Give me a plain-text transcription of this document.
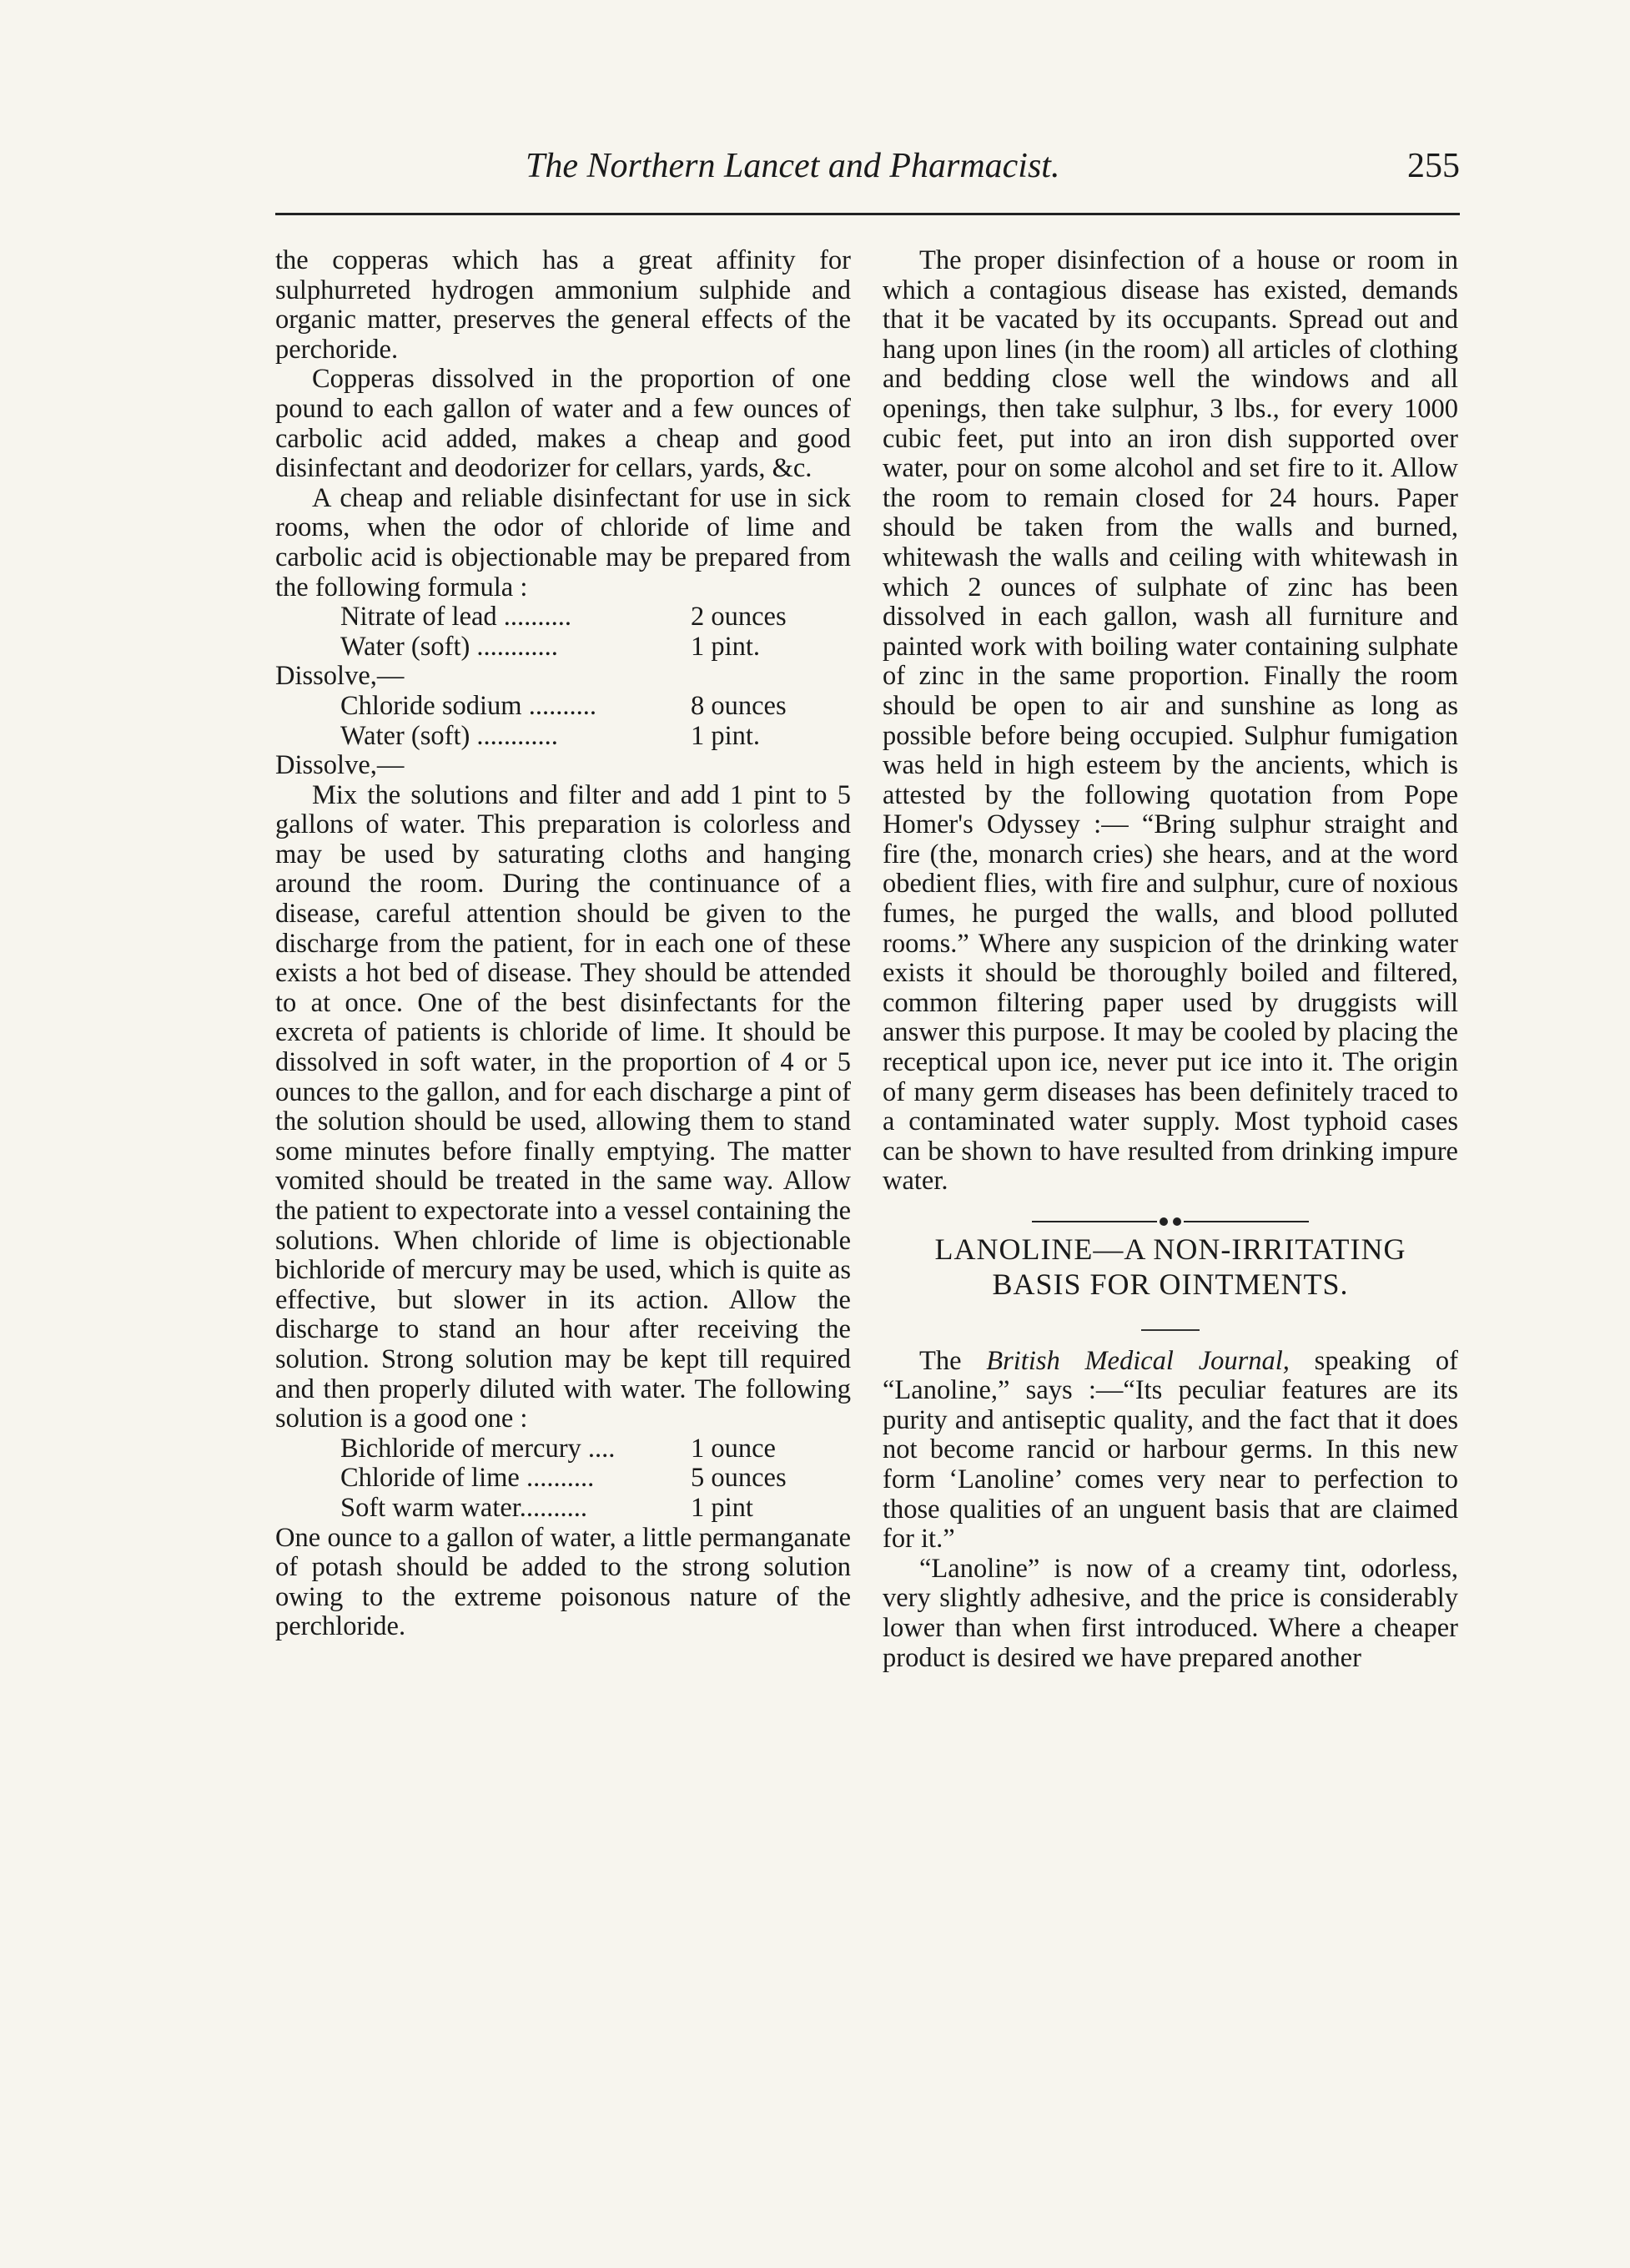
The Northern Lancet and Pharmacist.	255

the copperas which has a great affinity for sulphurreted hydrogen ammonium sulphide and organic matter, preserves the general effects of the perchoride.

Copperas dissolved in the proportion of one pound to each gallon of water and a few ounces of carbolic acid added, makes a cheap and good disinfectant and deodorizer for cellars, yards, &c.

A cheap and reliable disinfectant for use in sick rooms, when the odor of chloride of lime and carbolic acid is objectionable may be prepared from the following formula :

Nitrate of lead ..........	2 ounces

Water (soft) ............	1 pint.

Dissolve,—

Chloride sodium ..........	8 ounces

Water (soft) ............	1 pint.

Dissolve,—

Mix the solutions and filter and add 1 pint to 5 gallons of water. This preparation is colorless and may be used by saturating cloths and hanging around the room. During the continuance of a disease, careful attention should be given to the discharge from the patient, for in each one of these exists a hot bed of disease. They should be attended to at once. One of the best disinfectants for the excreta of patients is chloride of lime. It should be dissolved in soft water, in the proportion of 4 or 5 ounces to the gallon, and for each discharge a pint of the solution should be used, allowing them to stand some minutes before finally emptying. The matter vomited should be treated in the same way. Allow the patient to expectorate into a vessel containing the solutions. When chloride of lime is objectionable bichloride of mercury may be used, which is quite as effective, but slower in its action. Allow the discharge to stand an hour after receiving the solution. Strong solution may be kept till required and then properly diluted with water. The following solution is a good one :

Bichloride of mercury ....	1 ounce

Chloride of lime ..........	5 ounces

Soft warm water..........	1 pint

One ounce to a gallon of water, a little permanganate of potash should be added to the strong solution owing to the extreme poisonous nature of the perchloride.

The proper disinfection of a house or room in which a contagious disease has existed, demands that it be vacated by its occupants. Spread out and hang upon lines (in the room) all articles of clothing and bedding close well the windows and all openings, then take sulphur, 3 lbs., for every 1000 cubic feet, put into an iron dish supported over water, pour on some alcohol and set fire to it. Allow the room to remain closed for 24 hours. Paper should be taken from the walls and burned, whitewash the walls and ceiling with whitewash in which 2 ounces of sulphate of zinc has been dissolved in each gallon, wash all furniture and painted work with boiling water containing sulphate of zinc in the same proportion. Finally the room should be open to air and sunshine as long as possible before being occupied. Sulphur fumigation was held in high esteem by the ancients, which is attested by the following quotation from Pope Homer's Odyssey :— “Bring sulphur straight and fire (the, monarch cries) she hears, and at the word obedient flies, with fire and sulphur, cure of noxious fumes, he purged the walls, and blood polluted rooms.” Where any suspicion of the drinking water exists it should be thoroughly boiled and filtered, common filtering paper used by druggists will answer this purpose. It may be cooled by placing the receptical upon ice, never put ice into it. The origin of many germ diseases has been definitely traced to a contaminated water supply. Most typhoid cases can be shown to have resulted from drinking impure water.

LANOLINE—A NON-IRRITATING
BASIS FOR OINTMENTS.

The British Medical Journal, speaking of “Lanoline,” says :—“Its peculiar features are its purity and antiseptic quality, and the fact that it does not become rancid or harbour germs. In this new form ‘Lanoline’ comes very near to perfection to those qualities of an unguent basis that are claimed for it.”

“Lanoline” is now of a creamy tint, odorless, very slightly adhesive, and the price is considerably lower than when first introduced. Where a cheaper product is desired we have prepared another
